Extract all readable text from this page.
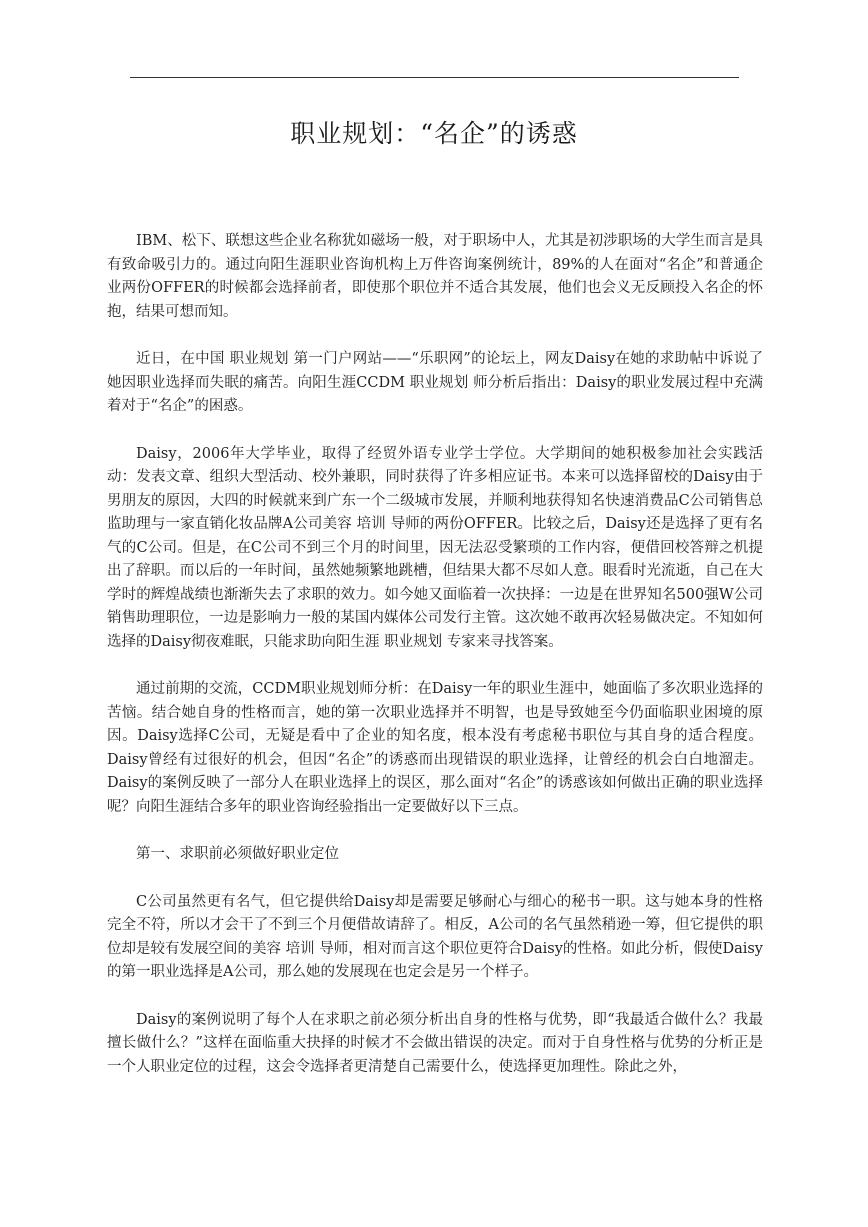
职业规划：“名企”的诱惑

IBM、松下、联想这些企业名称犹如磁场一般，对于职场中人，尤其是初涉职场的大学生而言是具有致命吸引力的。通过向阳生涯职业咨询机构上万件咨询案例统计，89%的人在面对“名企”和普通企业两份OFFER的时候都会选择前者，即使那个职位并不适合其发展，他们也会义无反顾投入名企的怀抱，结果可想而知。

近日，在中国 职业规划 第一门户网站——“乐职网”的论坛上，网友Daisy在她的求助帖中诉说了她因职业选择而失眠的痛苦。向阳生涯CCDM 职业规划 师分析后指出：Daisy的职业发展过程中充满着对于“名企”的困惑。

Daisy，2006年大学毕业，取得了经贸外语专业学士学位。大学期间的她积极参加社会实践活动：发表文章、组织大型活动、校外兼职，同时获得了许多相应证书。本来可以选择留校的Daisy由于男朋友的原因，大四的时候就来到广东一个二级城市发展，并顺利地获得知名快速消费品C公司销售总监助理与一家直销化妆品牌A公司美容 培训 导师的两份OFFER。比较之后，Daisy还是选择了更有名气的C公司。但是，在C公司不到三个月的时间里，因无法忍受繁琐的工作内容，便借回校答辩之机提出了辞职。而以后的一年时间，虽然她频繁地跳槽，但结果大都不尽如人意。眼看时光流逝，自己在大学时的辉煌战绩也渐渐失去了求职的效力。如今她又面临着一次抉择：一边是在世界知名500强W公司销售助理职位，一边是影响力一般的某国内媒体公司发行主管。这次她不敢再次轻易做决定。不知如何选择的Daisy彻夜难眠，只能求助向阳生涯 职业规划 专家来寻找答案。

通过前期的交流，CCDM职业规划师分析：在Daisy一年的职业生涯中，她面临了多次职业选择的苦恼。结合她自身的性格而言，她的第一次职业选择并不明智，也是导致她至今仍面临职业困境的原因。Daisy选择C公司，无疑是看中了企业的知名度，根本没有考虑秘书职位与其自身的适合程度。Daisy曾经有过很好的机会，但因“名企”的诱惑而出现错误的职业选择，让曾经的机会白白地溜走。Daisy的案例反映了一部分人在职业选择上的误区，那么面对“名企”的诱惑该如何做出正确的职业选择呢？向阳生涯结合多年的职业咨询经验指出一定要做好以下三点。

第一、求职前必须做好职业定位

C公司虽然更有名气，但它提供给Daisy却是需要足够耐心与细心的秘书一职。这与她本身的性格完全不符，所以才会干了不到三个月便借故请辞了。相反，A公司的名气虽然稍逊一筹，但它提供的职位却是较有发展空间的美容 培训 导师，相对而言这个职位更符合Daisy的性格。如此分析，假使Daisy的第一职业选择是A公司，那么她的发展现在也定会是另一个样子。

Daisy的案例说明了每个人在求职之前必须分析出自身的性格与优势，即“我最适合做什么？我最擅长做什么？”这样在面临重大抉择的时候才不会做出错误的决定。而对于自身性格与优势的分析正是一个人职业定位的过程，这会令选择者更清楚自己需要什么，使选择更加理性。除此之外，
